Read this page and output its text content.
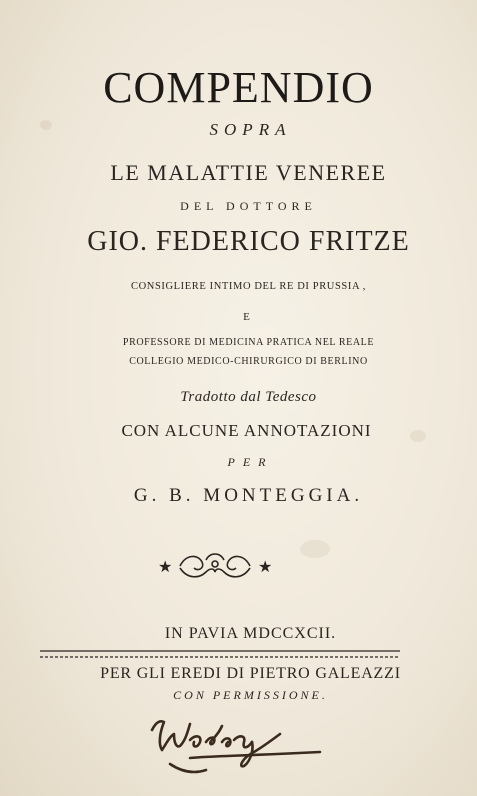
COMPENDIO
SOPRA
LE MALATTIE VENEREE
DEL DOTTORE
GIO. FEDERICO FRITZE
CONSIGLIERE INTIMO DEL RE DI PRUSSIA ,
E
PROFESSORE DI MEDICINA PRATICA NEL REALE
COLLEGIO MEDICO-CHIRURGICO DI BERLINO
Tradotto dal Tedesco
CON ALCUNE ANNOTAZIONI
PER
G. B. MONTEGGIA.
★	★
IN PAVIA MDCCXCII.
PER GLI EREDI DI PIETRO GALEAZZI
CON PERMISSIONE.
